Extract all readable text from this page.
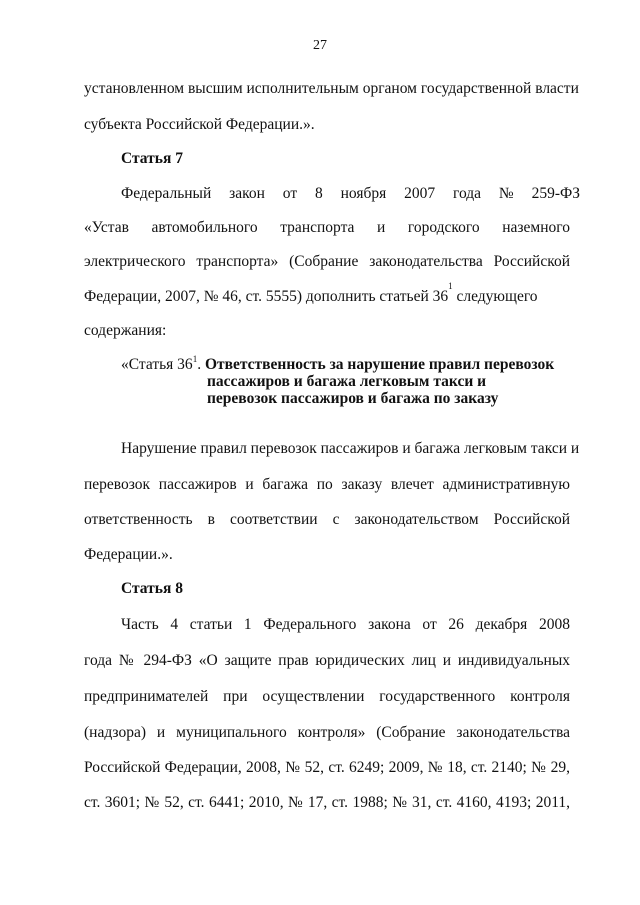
27
установленном высшим исполнительным органом государственной власти
субъекта Российской Федерации.».
Статья 7
Федеральный закон от 8 ноября 2007 года № 259-ФЗ
«Устав автомобильного транспорта и городского наземного
электрического транспорта» (Собрание законодательства Российской
Федерации, 2007, № 46, ст. 5555) дополнить статьей 36
1
следующего
содержания:
«Статья $36^1$. Ответственность за нарушение правил перевозок
пассажиров и багажа легковым такси и
перевозок пассажиров и багажа по заказу
Нарушение правил перевозок пассажиров и багажа легковым такси и
перевозок пассажиров и багажа по заказу влечет административную
ответственность в соответствии с законодательством Российской
Федерации.».
Статья 8
Часть 4 статьи 1 Федерального закона от 26 декабря 2008
года № 294-ФЗ «О защите прав юридических лиц и индивидуальных
предпринимателей при осуществлении государственного контроля
(надзора) и муниципального контроля» (Собрание законодательства
Российской Федерации, 2008, № 52, ст. 6249; 2009, № 18, ст. 2140; № 29,
ст. 3601; № 52, ст. 6441; 2010, № 17, ст. 1988; № 31, ст. 4160, 4193; 2011,
